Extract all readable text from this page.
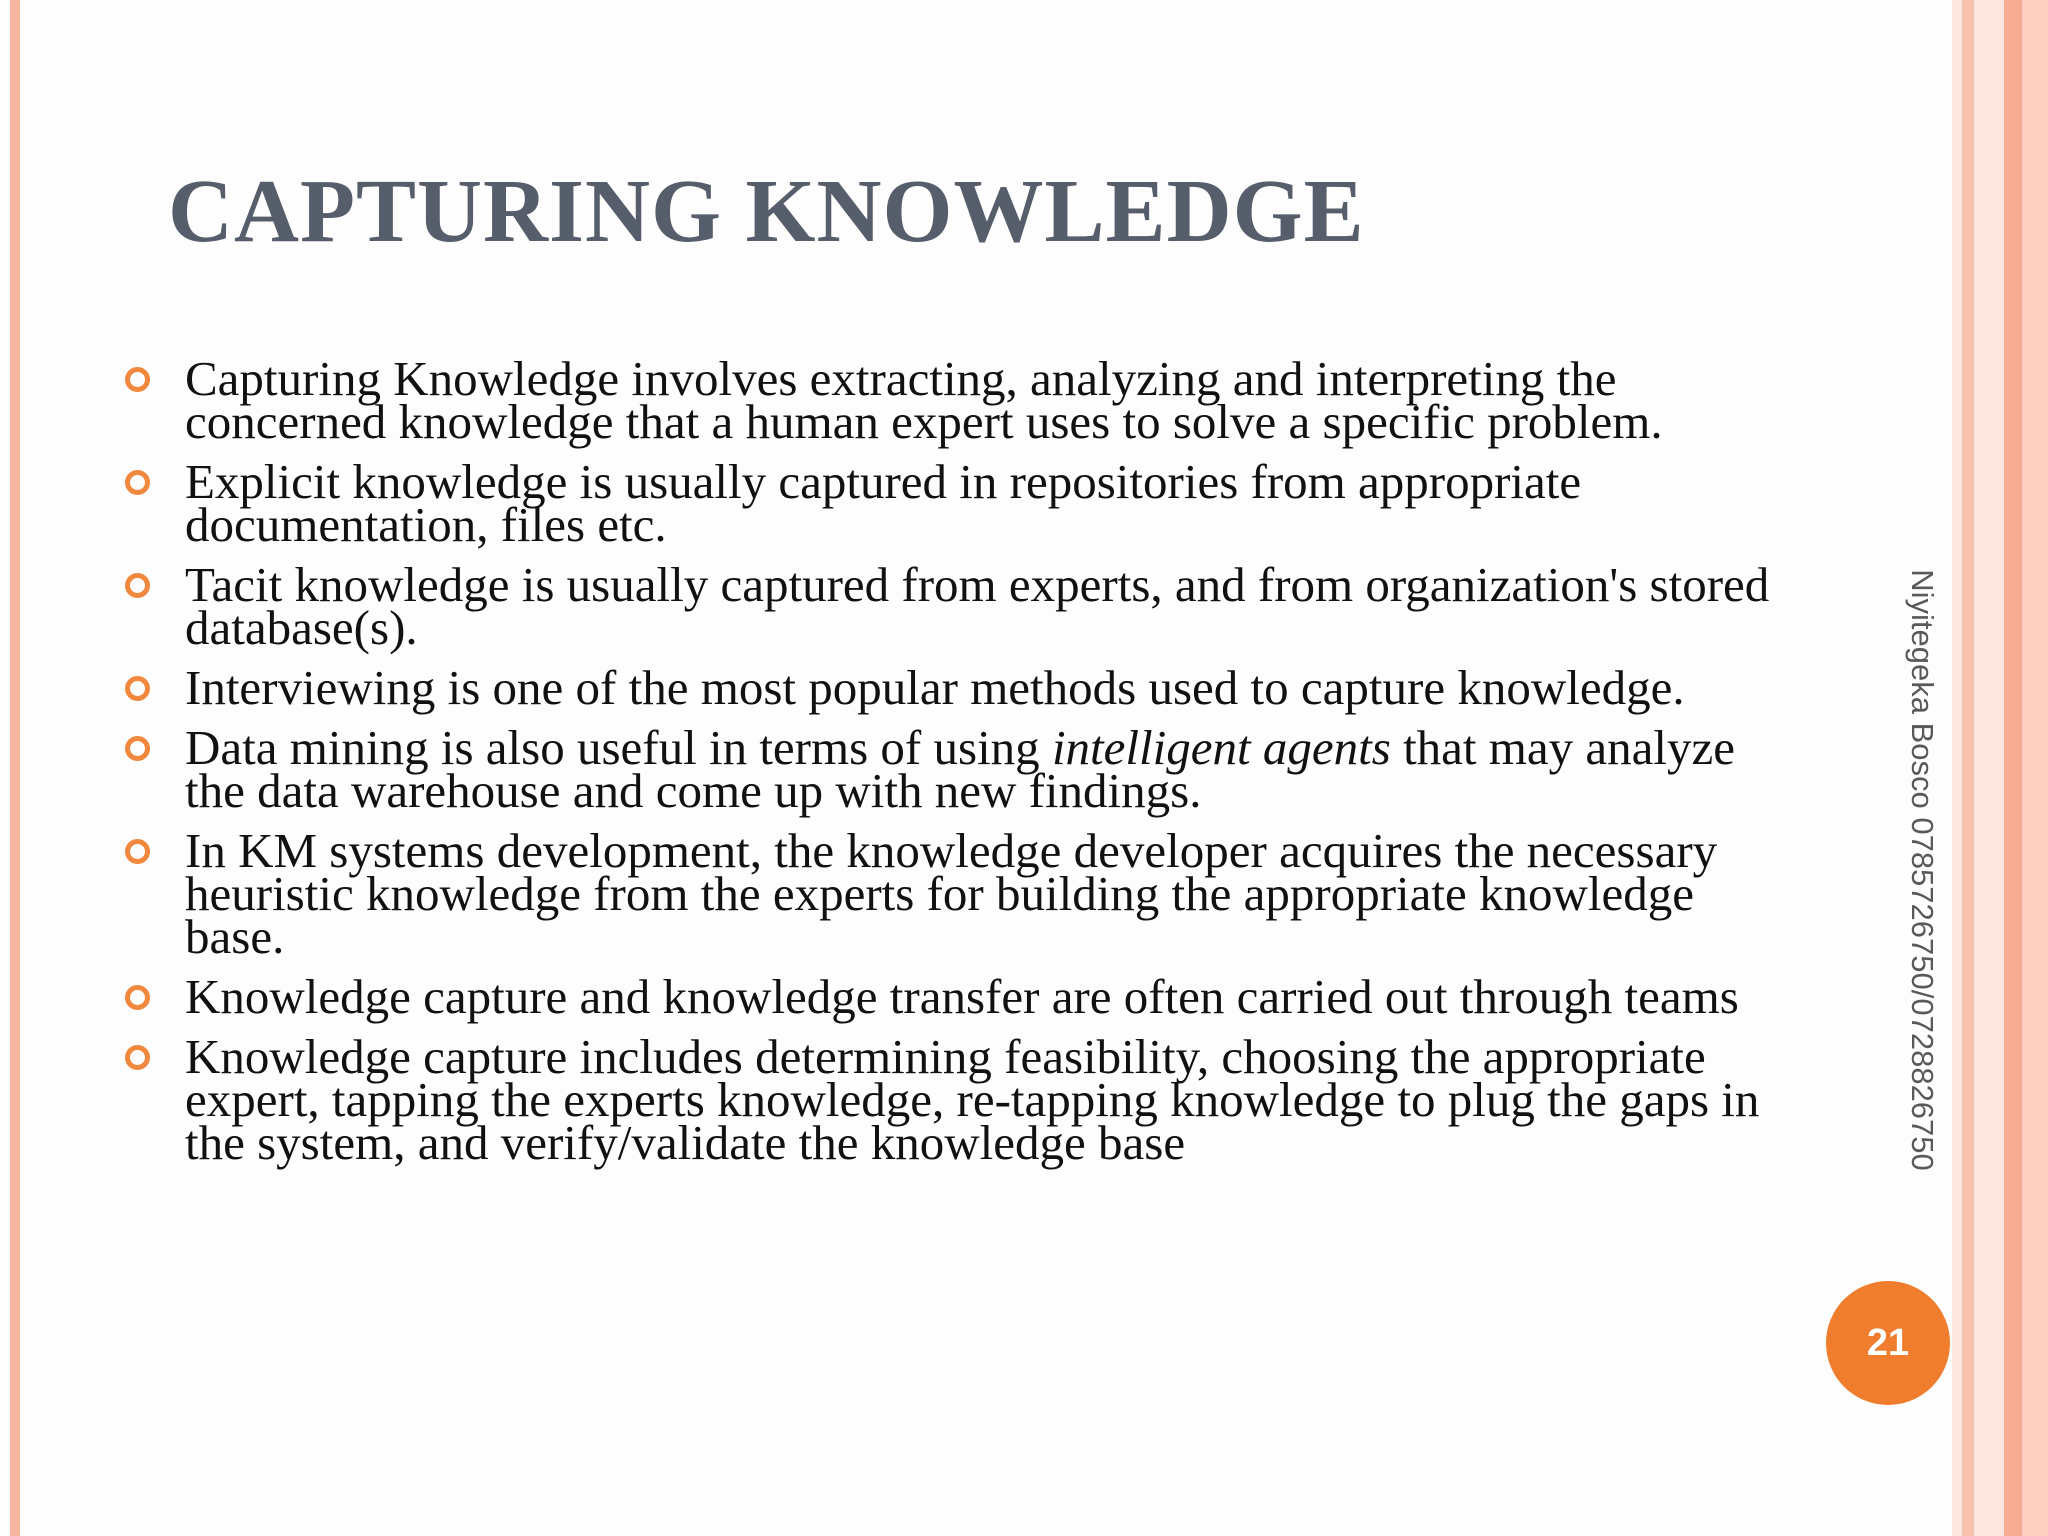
CAPTURING KNOWLEDGE
Capturing Knowledge involves extracting, analyzing and interpreting the concerned knowledge that a human expert uses to solve a specific problem.
Explicit knowledge is usually captured in repositories from appropriate documentation, files etc.
Tacit knowledge is usually captured from experts, and from organization's stored database(s).
Interviewing is one of the most popular methods used to capture knowledge.
Data mining is also useful in terms of using intelligent agents that may analyze the data warehouse and come up with new findings.
In KM systems development, the knowledge developer acquires the necessary heuristic knowledge from the experts for building the appropriate knowledge base.
Knowledge capture and knowledge transfer are often carried out through teams
Knowledge capture includes determining feasibility, choosing the appropriate expert, tapping the experts knowledge, re-tapping knowledge to plug the gaps in the system, and verify/validate the knowledge base	Niyitegeka Bosco 0785726750/0728826750
21
